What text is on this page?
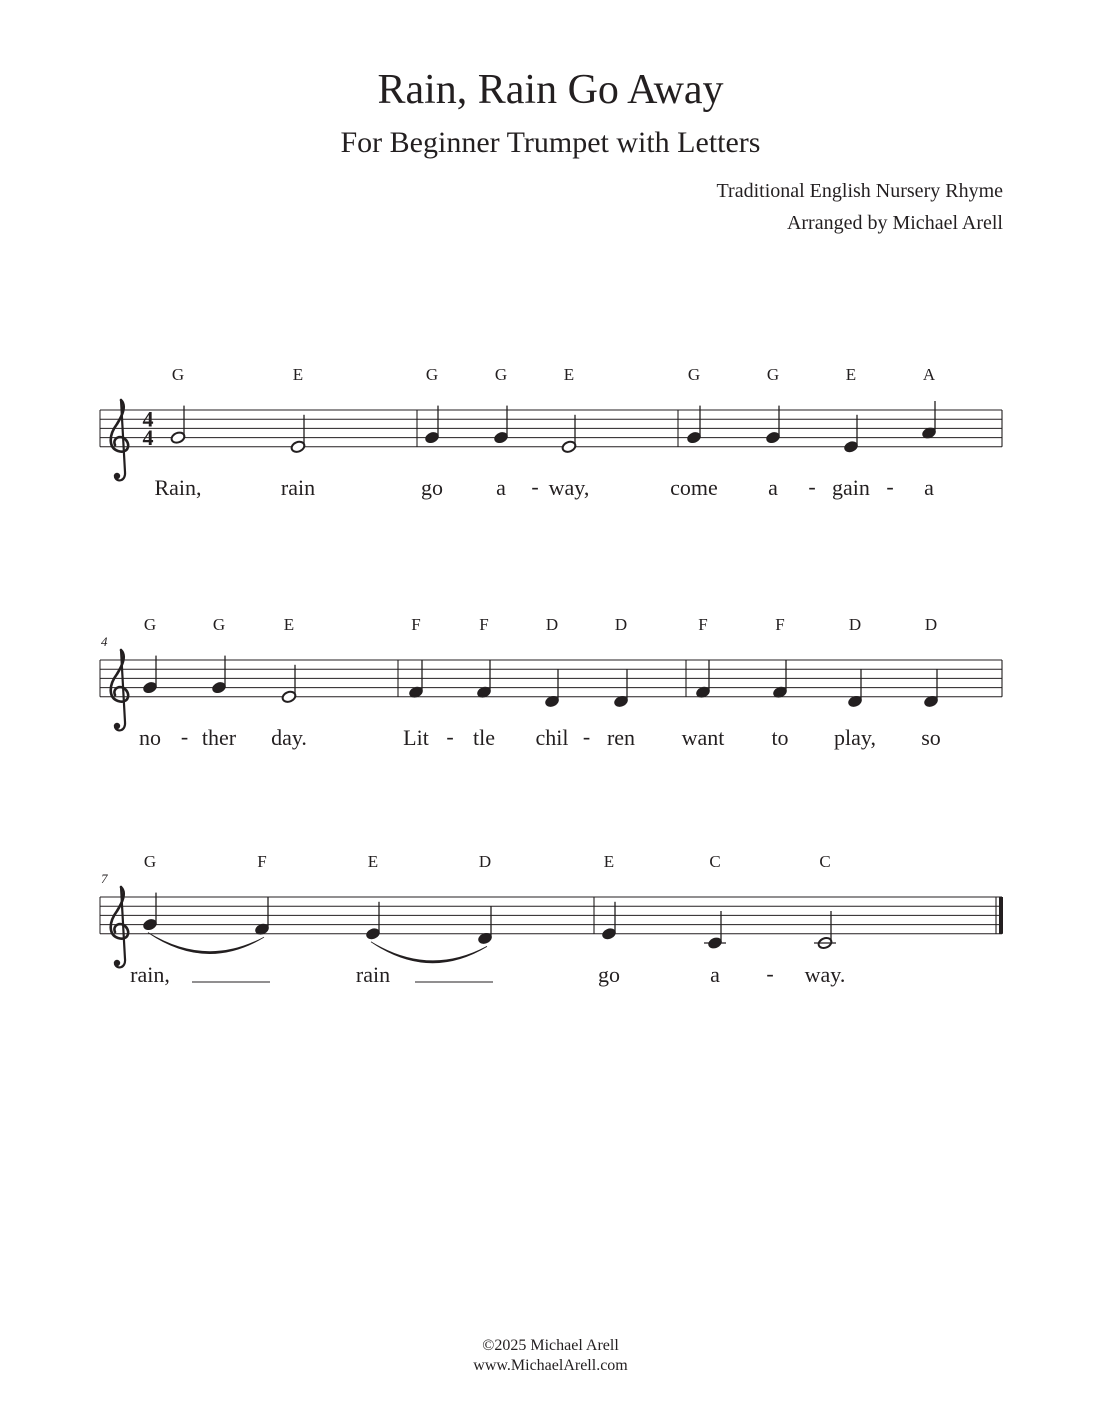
Rain, Rain Go Away
For Beginner Trumpet with Letters
Traditional English Nursery Rhyme
Arranged by Michael Arell
4
4
G
Rain,
E
rain
G
go
G
a
E
way,
G
come
G
a
E
gain
A
a
-	-	-
4
G
no
G
ther
E
day.
F
Lit
F
tle
D
chil
D
ren
F
want
F
to
D
play,
D
so
-	-	-
7
G
rain,
F	E
rain
D	E
go
C
a
C
way.
-
©2025 Michael Arell
www.MichaelArell.com
